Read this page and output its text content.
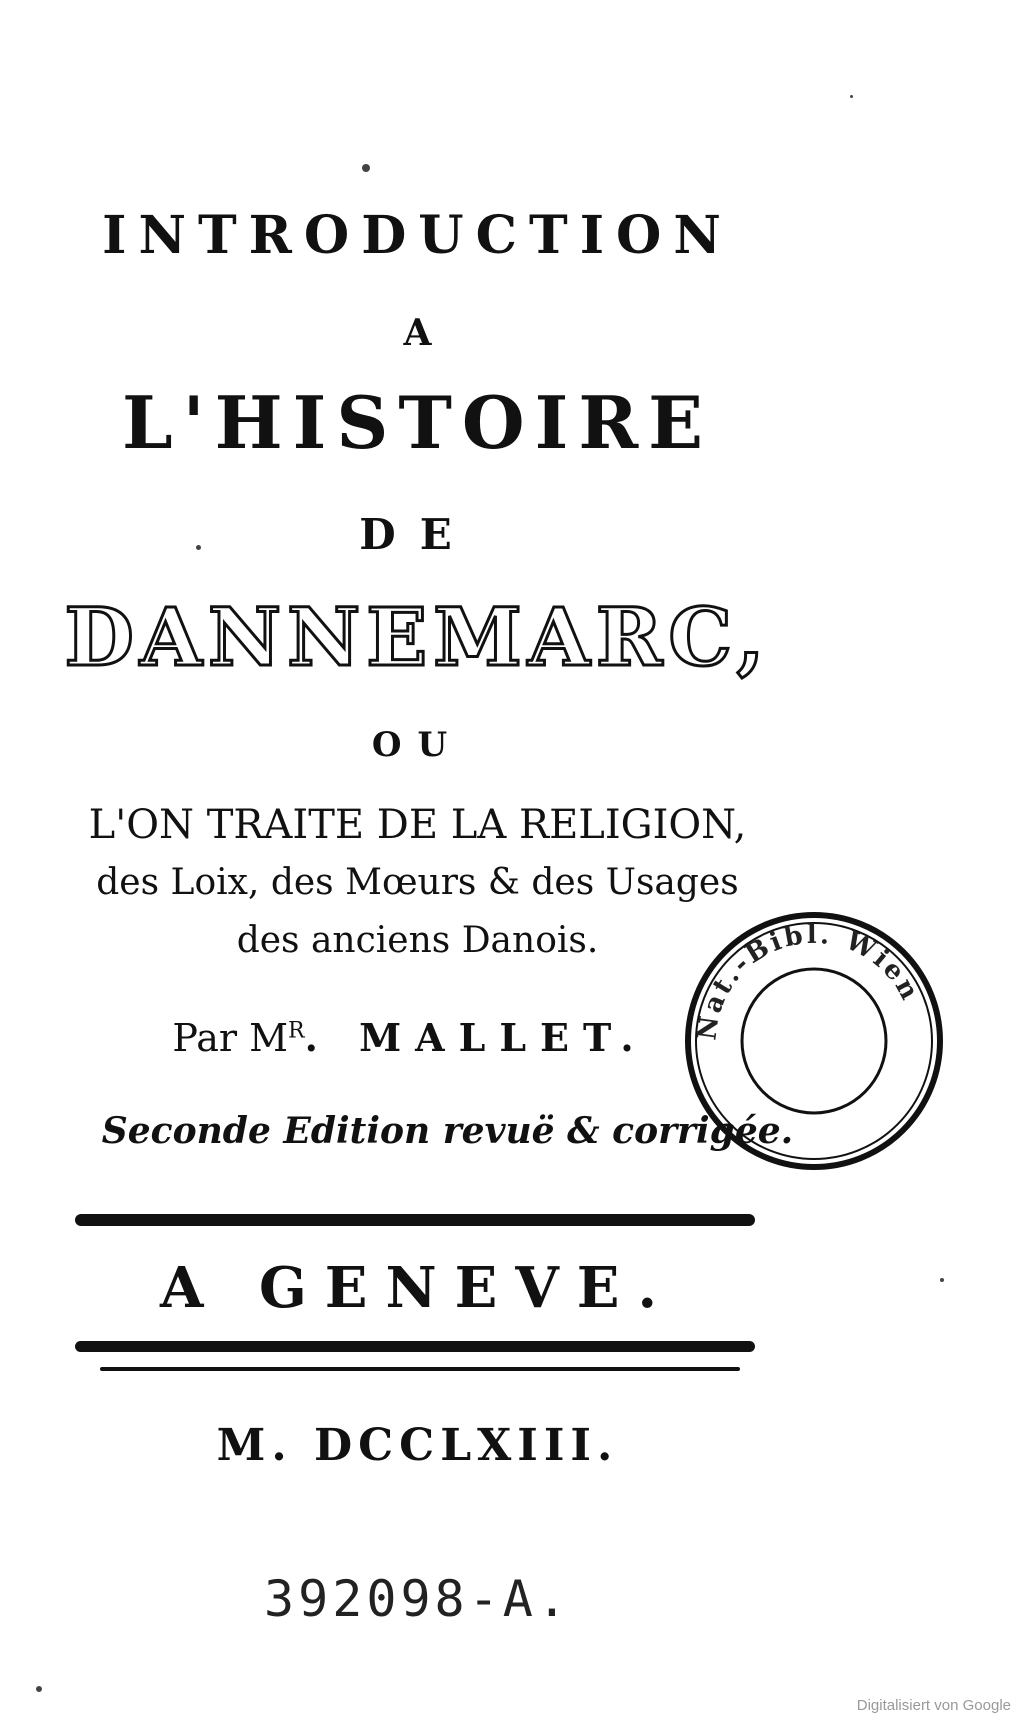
INTRODUCTION
A
L'HISTOIRE
DE
DANNEMARC,
OU
L'ON TRAITE DE LA RELIGION,
des Loix, des Mœurs & des Usages
des anciens Danois.
Par $M^R$. MALLET.
Seconde Edition revuë & corrigée.
A GENEVE.
M. DCCLXIII.
392098-A.
Nat.-Bibl. Wien
Digitalisiert von Google
